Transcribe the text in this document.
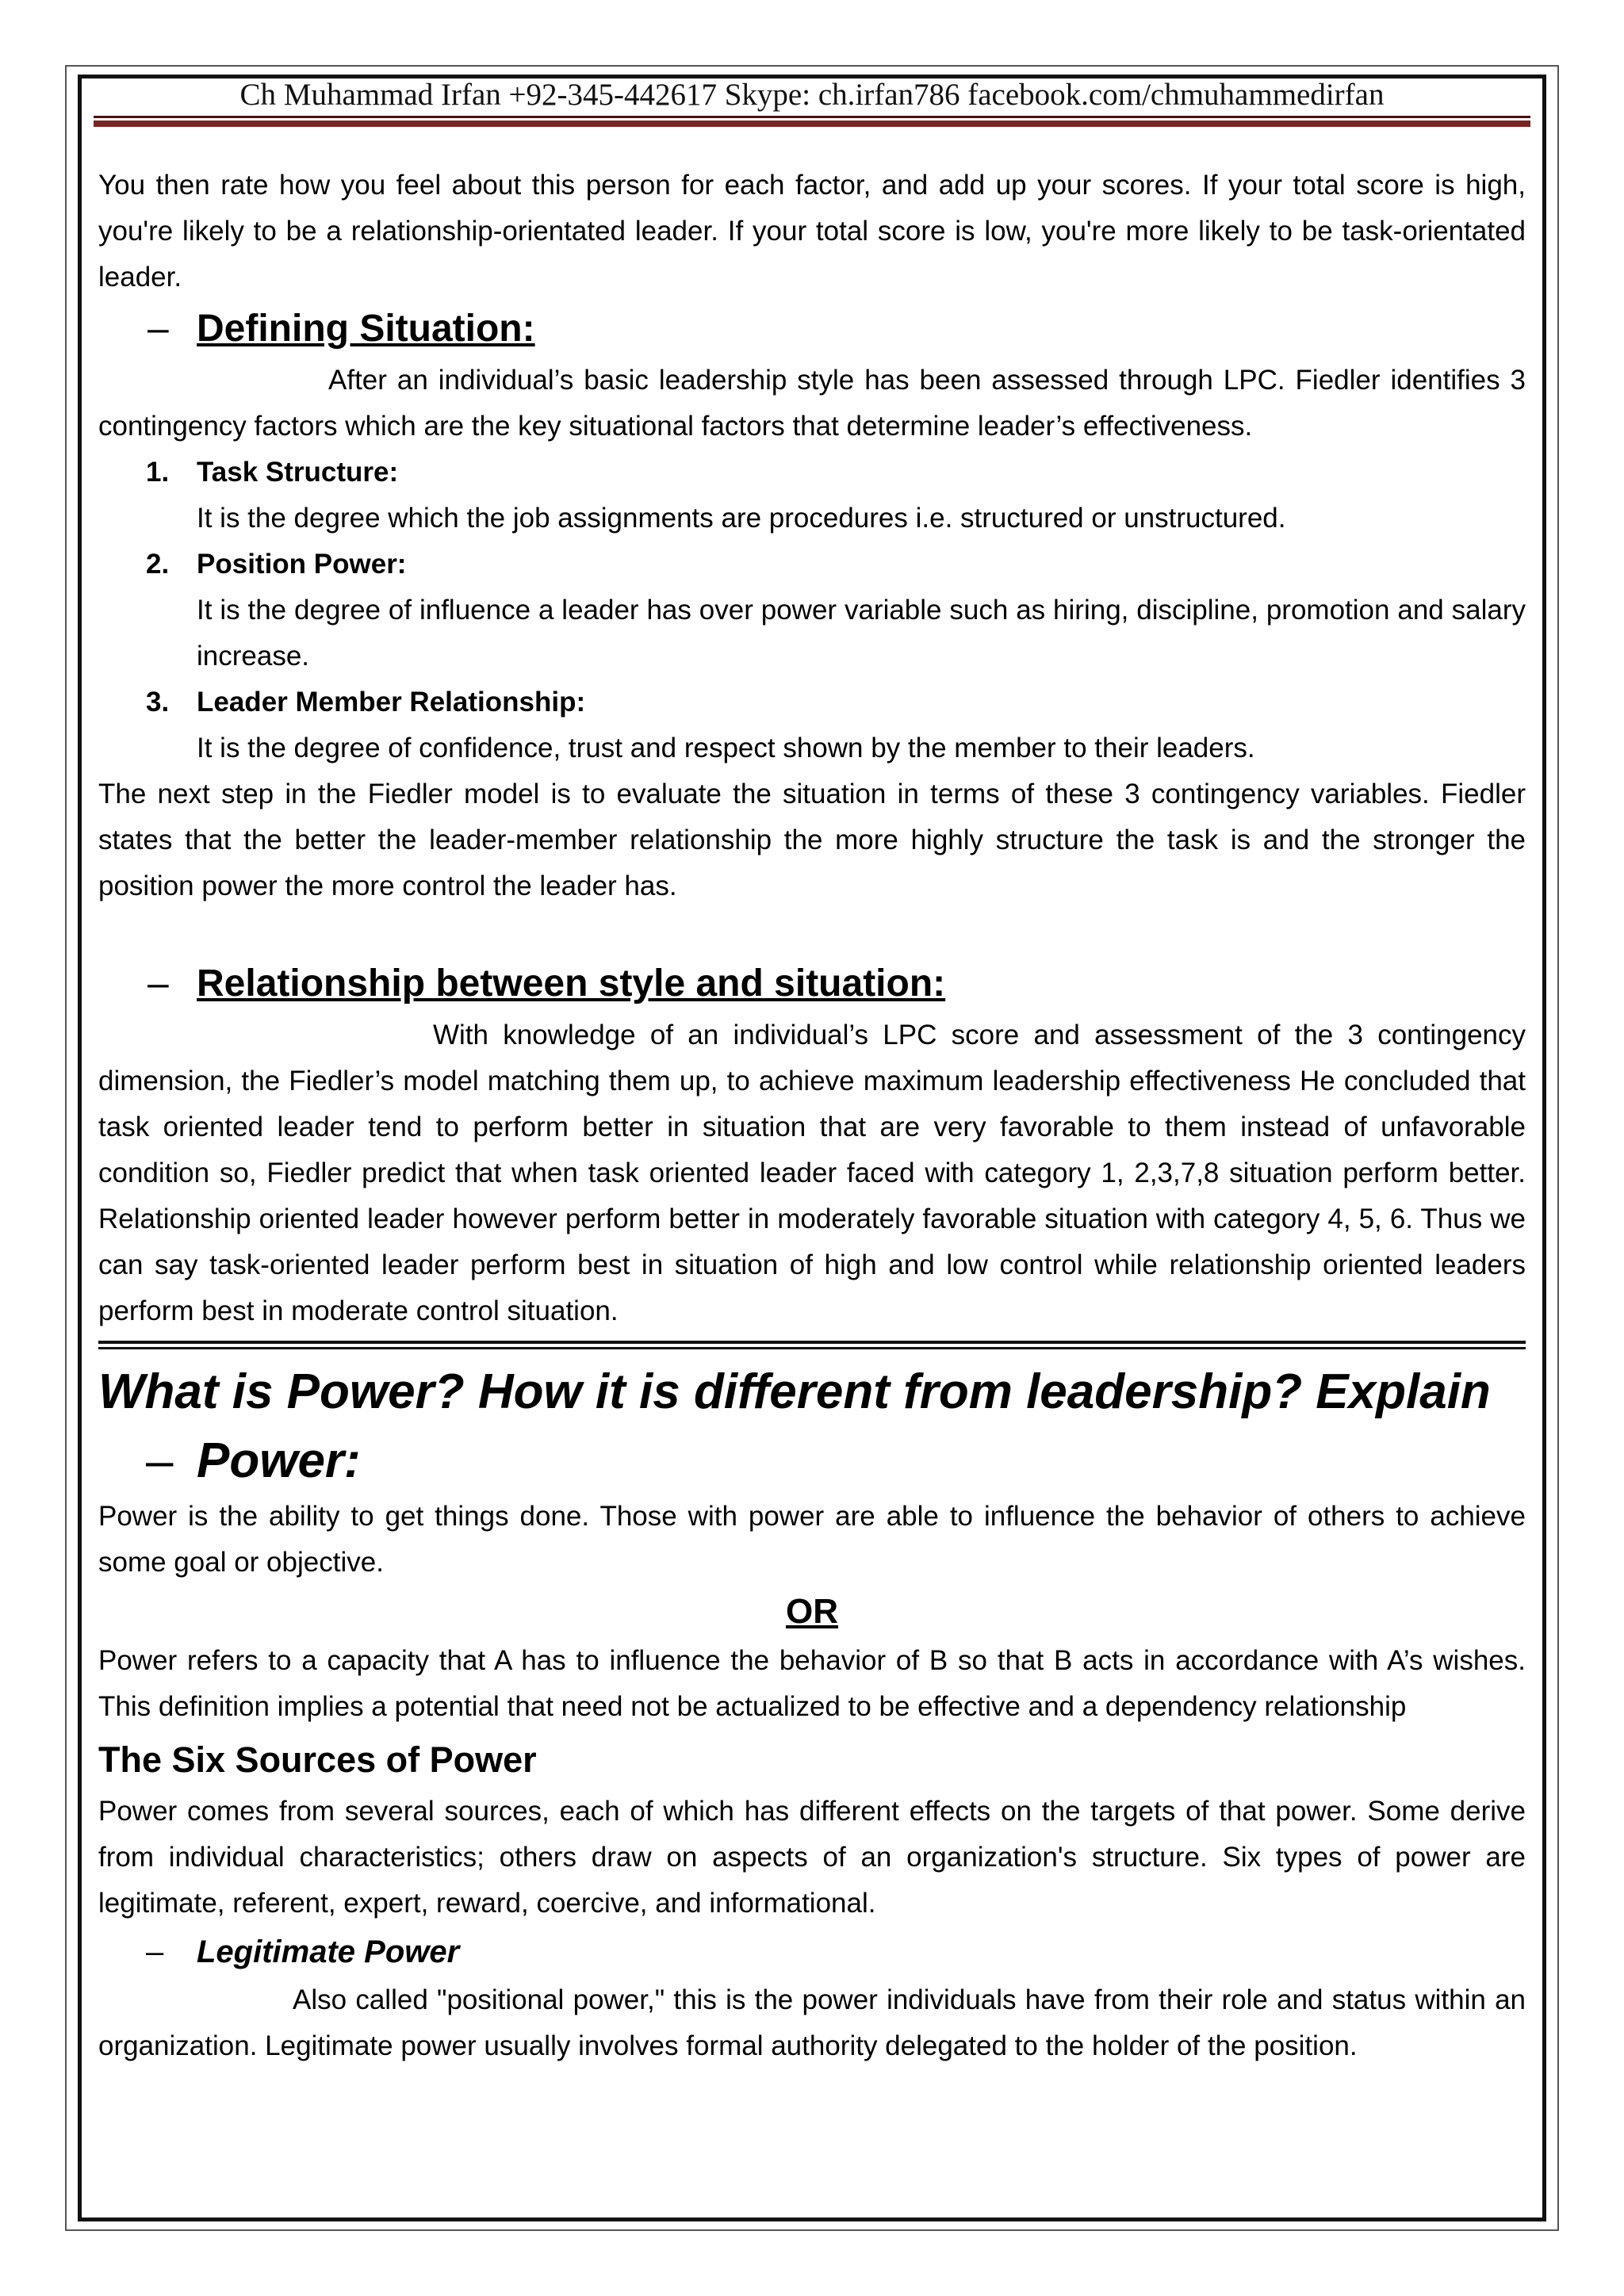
Ch Muhammad Irfan +92-345-442617 Skype: ch.irfan786 facebook.com/chmuhammedirfan

You then rate how you feel about this person for each factor, and add up your scores. If your total score is high, you're likely to be a relationship-orientated leader. If your total score is low, you're more likely to be task-orientated leader.

– Defining Situation:

After an individual’s basic leadership style has been assessed through LPC. Fiedler identifies 3 contingency factors which are the key situational factors that determine leader’s effectiveness.

1. Task Structure:
It is the degree which the job assignments are procedures i.e. structured or unstructured.
2. Position Power:
It is the degree of influence a leader has over power variable such as hiring, discipline, promotion and salary increase.
3. Leader Member Relationship:
It is the degree of confidence, trust and respect shown by the member to their leaders.

The next step in the Fiedler model is to evaluate the situation in terms of these 3 contingency variables. Fiedler states that the better the leader-member relationship the more highly structure the task is and the stronger the position power the more control the leader has.

– Relationship between style and situation:

With knowledge of an individual’s LPC score and assessment of the 3 contingency dimension, the Fiedler’s model matching them up, to achieve maximum leadership effectiveness He concluded that task oriented leader tend to perform better in situation that are very favorable to them instead of unfavorable condition so, Fiedler predict that when task oriented leader faced with category 1, 2,3,7,8 situation perform better. Relationship oriented leader however perform better in moderately favorable situation with category 4, 5, 6. Thus we can say task-oriented leader perform best in situation of high and low control while relationship oriented leaders perform best in moderate control situation.

What is Power? How it is different from leadership? Explain
– Power:

Power is the ability to get things done. Those with power are able to influence the behavior of others to achieve some goal or objective.

OR

Power refers to a capacity that A has to influence the behavior of B so that B acts in accordance with A’s wishes. This definition implies a potential that need not be actualized to be effective and a dependency relationship

The Six Sources of Power

Power comes from several sources, each of which has different effects on the targets of that power. Some derive from individual characteristics; others draw on aspects of an organization's structure. Six types of power are legitimate, referent, expert, reward, coercive, and informational.

– Legitimate Power

Also called "positional power," this is the power individuals have from their role and status within an organization. Legitimate power usually involves formal authority delegated to the holder of the position.
